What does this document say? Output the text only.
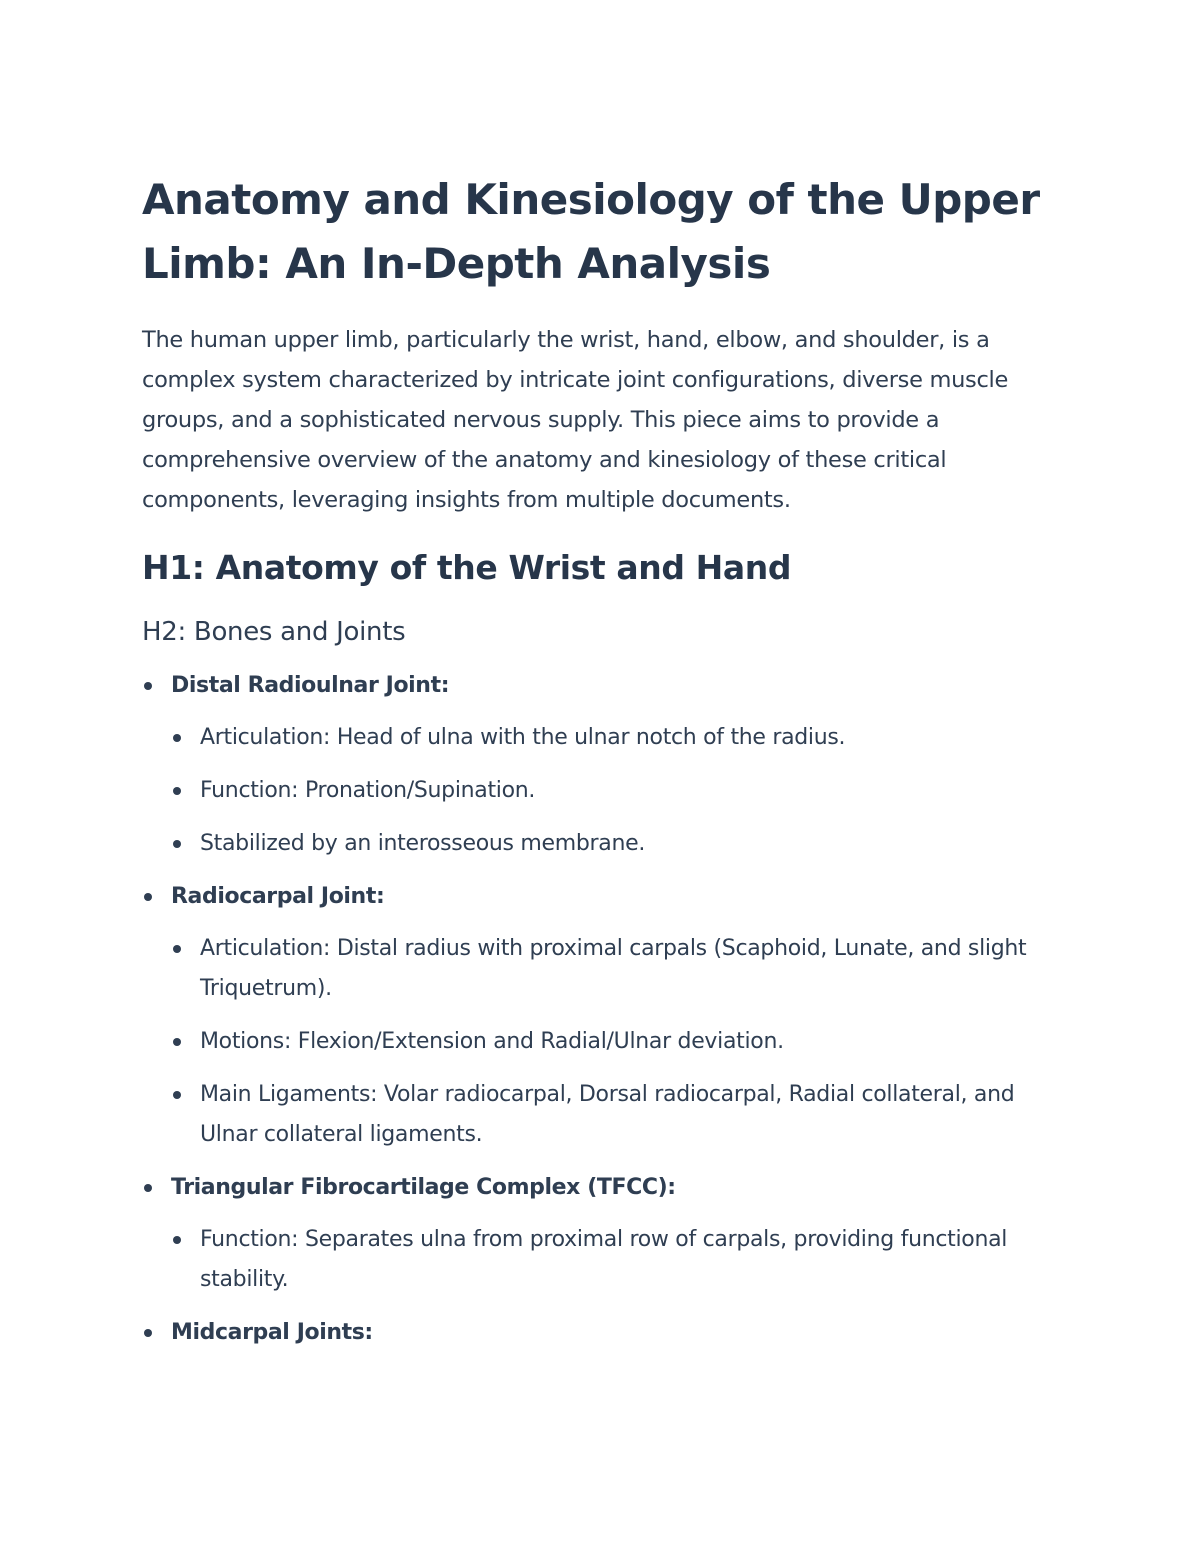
Anatomy and Kinesiology of the Upper Limb: An In-Depth Analysis

The human upper limb, particularly the wrist, hand, elbow, and shoulder, is a complex system characterized by intricate joint configurations, diverse muscle groups, and a sophisticated nervous supply. This piece aims to provide a comprehensive overview of the anatomy and kinesiology of these critical components, leveraging insights from multiple documents.

H1: Anatomy of the Wrist and Hand
H2: Bones and Joints
Distal Radioulnar Joint:
Articulation: Head of ulna with the ulnar notch of the radius.
Function: Pronation/Supination.
Stabilized by an interosseous membrane.
Radiocarpal Joint:
Articulation: Distal radius with proximal carpals (Scaphoid, Lunate, and slight Triquetrum).
Motions: Flexion/Extension and Radial/Ulnar deviation.
Main Ligaments: Volar radiocarpal, Dorsal radiocarpal, Radial collateral, and Ulnar collateral ligaments.
Triangular Fibrocartilage Complex (TFCC):
Function: Separates ulna from proximal row of carpals, providing functional stability.
Midcarpal Joints:
